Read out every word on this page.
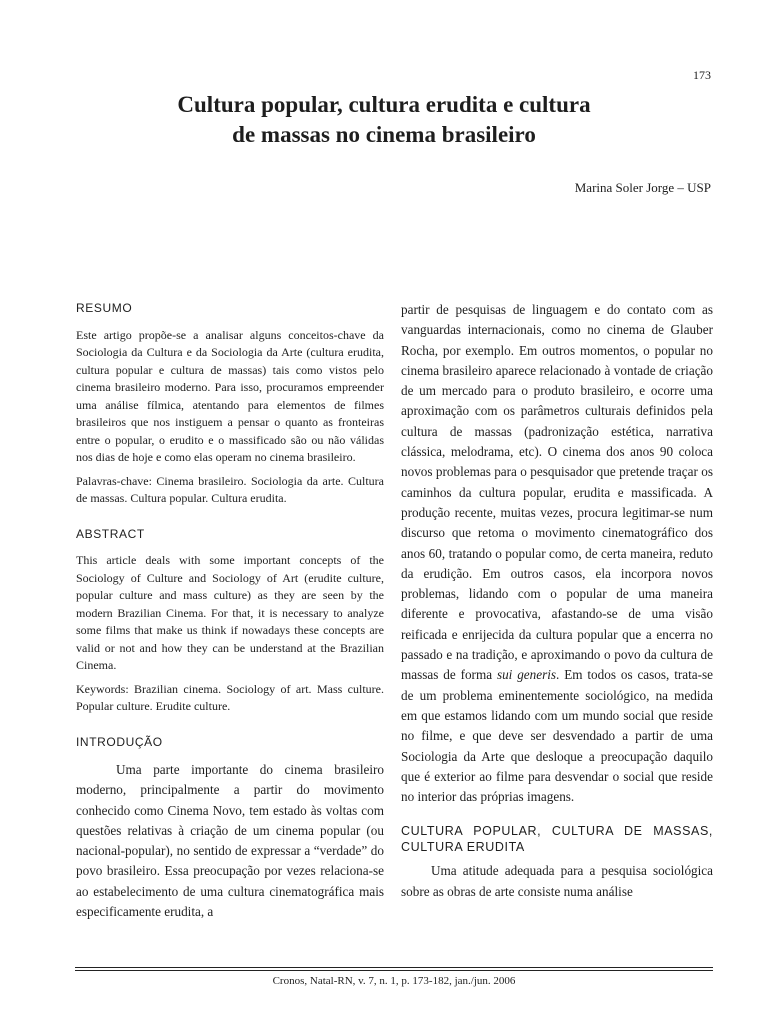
173
Cultura popular, cultura erudita e cultura
de massas no cinema brasileiro
Marina Soler Jorge – USP
RESUMO

Este artigo propõe-se a analisar alguns conceitos-chave da Sociologia da Cultura e da Sociologia da Arte (cultura erudita, cultura popular e cultura de massas) tais como vistos pelo cinema brasileiro moderno. Para isso, procuramos empreender uma análise fílmica, atentando para elementos de filmes brasileiros que nos instiguem a pensar o quanto as fronteiras entre o popular, o erudito e o massificado são ou não válidas nos dias de hoje e como elas operam no cinema brasileiro.

Palavras-chave: Cinema brasileiro. Sociologia da arte. Cultura de massas. Cultura popular. Cultura erudita.

ABSTRACT

This article deals with some important concepts of the Sociology of Culture and Sociology of Art (erudite culture, popular culture and mass culture) as they are seen by the modern Brazilian Cinema. For that, it is necessary to analyze some films that make us think if nowadays these concepts are valid or not and how they can be understand at the Brazilian Cinema.

Keywords: Brazilian cinema. Sociology of art. Mass culture. Popular culture. Erudite culture.

INTRODUÇÃO

Uma parte importante do cinema brasileiro moderno, principalmente a partir do movimento conhecido como Cinema Novo, tem estado às voltas com questões relativas à criação de um cinema popular (ou nacional-popular), no sentido de expressar a “verdade” do povo brasileiro. Essa preocupação por vezes relaciona-se ao estabelecimento de uma cultura cinematográfica mais especificamente erudita, a

partir de pesquisas de linguagem e do contato com as vanguardas internacionais, como no cinema de Glauber Rocha, por exemplo. Em outros momentos, o popular no cinema brasileiro aparece relacionado à vontade de criação de um mercado para o produto brasileiro, e ocorre uma aproximação com os parâmetros culturais definidos pela cultura de massas (padronização estética, narrativa clássica, melodrama, etc). O cinema dos anos 90 coloca novos problemas para o pesquisador que pretende traçar os caminhos da cultura popular, erudita e massificada. A produção recente, muitas vezes, procura legitimar-se num discurso que retoma o movimento cinematográfico dos anos 60, tratando o popular como, de certa maneira, reduto da erudição. Em outros casos, ela incorpora novos problemas, lidando com o popular de uma maneira diferente e provocativa, afastando-se de uma visão reificada e enrijecida da cultura popular que a encerra no passado e na tradição, e aproximando o povo da cultura de massas de forma sui generis. Em todos os casos, trata-se de um problema eminentemente sociológico, na medida em que estamos lidando com um mundo social que reside no filme, e que deve ser desvendado a partir de uma Sociologia da Arte que desloque a preocupação daquilo que é exterior ao filme para desvendar o social que reside no interior das próprias imagens.

CULTURA POPULAR, CULTURA DE MASSAS, CULTURA ERUDITA

Uma atitude adequada para a pesquisa sociológica sobre as obras de arte consiste numa análise

Cronos, Natal-RN, v. 7, n. 1, p. 173-182, jan./jun. 2006
